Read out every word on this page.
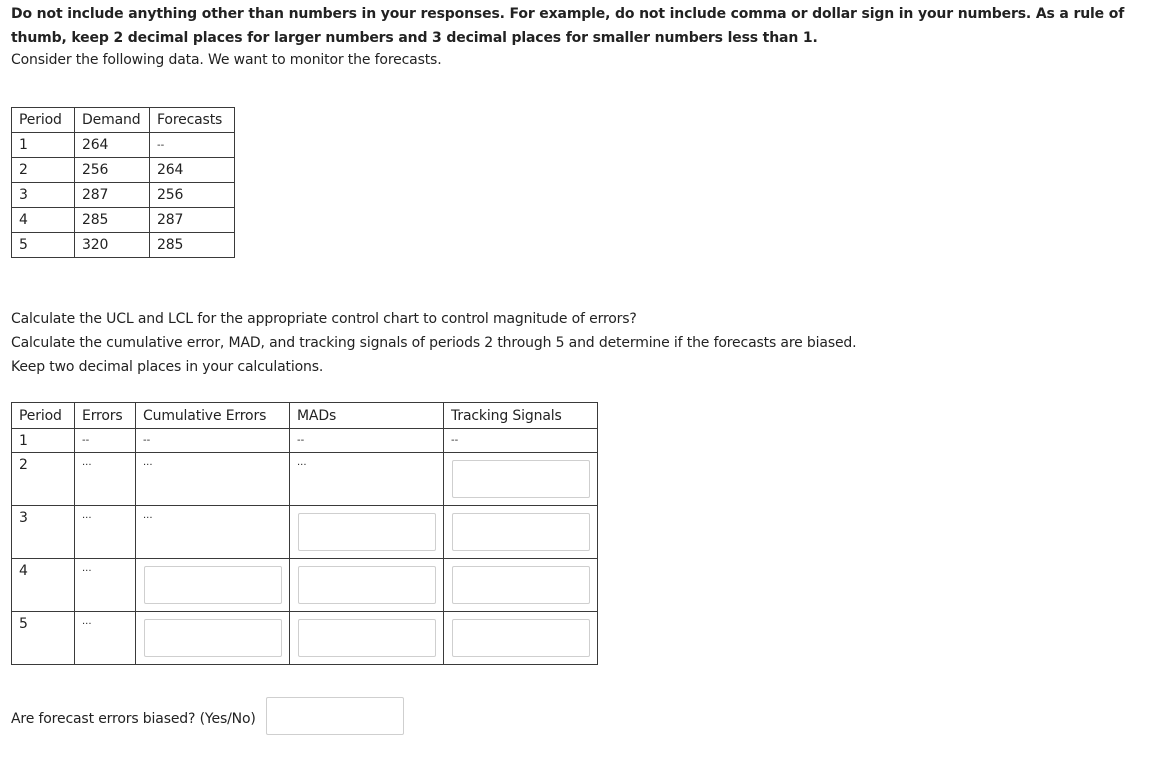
Do not include anything other than numbers in your responses. For example, do not include comma or dollar sign in your numbers. As a rule of thumb, keep 2 decimal places for larger numbers and 3 decimal places for smaller numbers less than 1.
Consider the following data. We want to monitor the forecasts.
Period	Demand	Forecasts
1	264	--
2	256	264
3	287	256
4	285	287
5	320	285
Calculate the UCL and LCL for the appropriate control chart to control magnitude of errors?
Calculate the cumulative error, MAD, and tracking signals of periods 2 through 5 and determine if the forecasts are biased.
Keep two decimal places in your calculations.
Period	Errors	Cumulative Errors	MADs	Tracking Signals
1	--	--	--	--
2	...	...	...	
3	...	...		
4	...			
5	...			
Are forecast errors biased? (Yes/No)
